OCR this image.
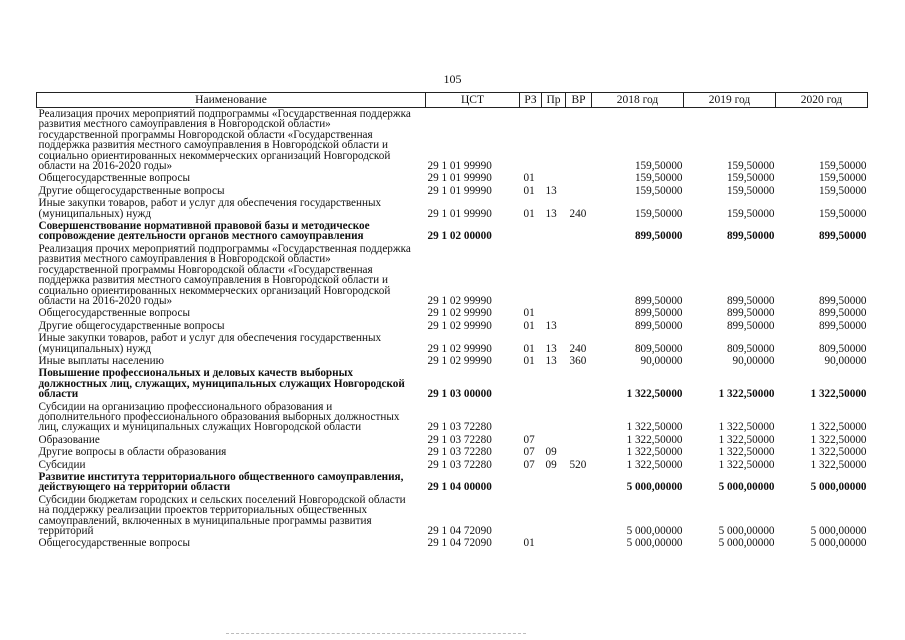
105
Наименование	ЦСТ	РЗ	Пр	ВР	2018 год	2019 год	2020 год
Реализация прочих мероприятий подпрограммы «Государственная поддержка развития местного самоуправления в Новгородской области» государственной программы Новгородской области «Государственная поддержка развития местного самоуправления в Новгородской области и социально ориентированных некоммерческих организаций Новгородской области на 2016-2020 годы»	29 1 01 99990				159,50000	159,50000	159,50000
Общегосударственные вопросы	29 1 01 99990	01			159,50000	159,50000	159,50000
Другие общегосударственные вопросы	29 1 01 99990	01	13		159,50000	159,50000	159,50000
Иные закупки товаров, работ и услуг для обеспечения государственных (муниципальных) нужд	29 1 01 99990	01	13	240	159,50000	159,50000	159,50000
Совершенствование нормативной правовой базы и методическое сопровождение деятельности органов местного самоуправления	29 1 02 00000				899,50000	899,50000	899,50000
Реализация прочих мероприятий подпрограммы «Государственная поддержка развития местного самоуправления в Новгородской области» государственной программы Новгородской области «Государственная поддержка развития местного самоуправления в Новгородской области и социально ориентированных некоммерческих организаций Новгородской области на 2016-2020 годы»	29 1 02 99990				899,50000	899,50000	899,50000
Общегосударственные вопросы	29 1 02 99990	01			899,50000	899,50000	899,50000
Другие общегосударственные вопросы	29 1 02 99990	01	13		899,50000	899,50000	899,50000
Иные закупки товаров, работ и услуг для обеспечения государственных (муниципальных) нужд	29 1 02 99990	01	13	240	809,50000	809,50000	809,50000
Иные выплаты населению	29 1 02 99990	01	13	360	90,00000	90,00000	90,00000
Повышение профессиональных и деловых качеств выборных должностных лиц, служащих, муниципальных служащих Новгородской области	29 1 03 00000				1 322,50000	1 322,50000	1 322,50000
Субсидии на организацию профессионального образования и дополнительного профессионального образования выборных должностных лиц, служащих и муниципальных служащих Новгородской области	29 1 03 72280				1 322,50000	1 322,50000	1 322,50000
Образование	29 1 03 72280	07			1 322,50000	1 322,50000	1 322,50000
Другие вопросы в области образования	29 1 03 72280	07	09		1 322,50000	1 322,50000	1 322,50000
Субсидии	29 1 03 72280	07	09	520	1 322,50000	1 322,50000	1 322,50000
Развитие института территориального общественного самоуправления, действующего на территории области	29 1 04 00000				5 000,00000	5 000,00000	5 000,00000
Субсидии бюджетам городских и сельских поселений Новгородской области на поддержку реализации проектов территориальных общественных самоуправлений, включенных в муниципальные программы развития территорий	29 1 04 72090				5 000,00000	5 000,00000	5 000,00000
Общегосударственные вопросы	29 1 04 72090	01			5 000,00000	5 000,00000	5 000,00000
